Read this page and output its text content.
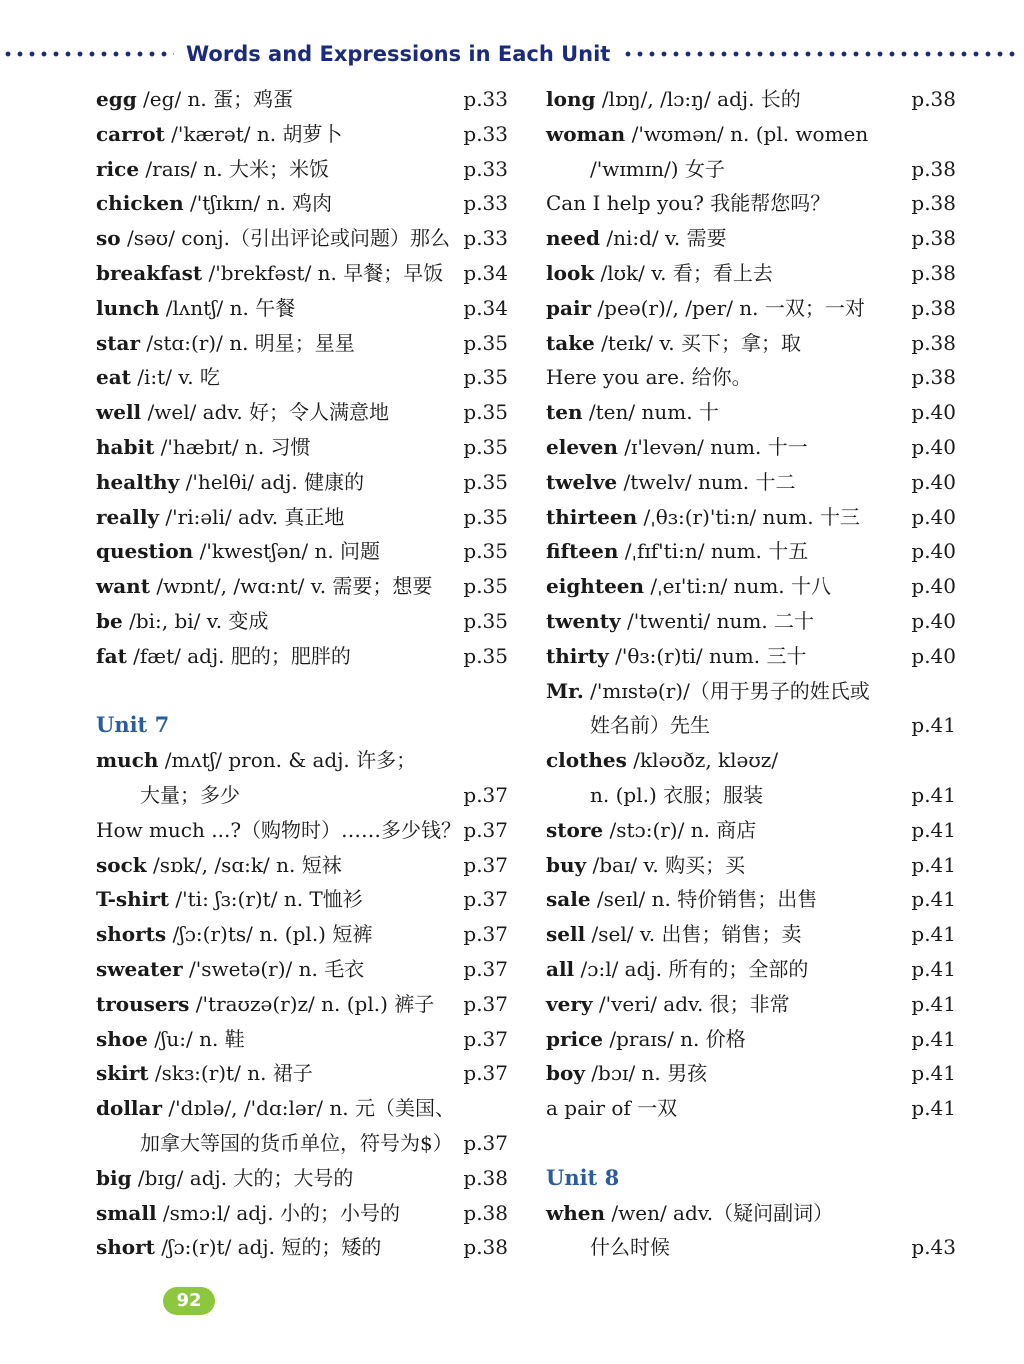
Words and Expressions in Each Unit
egg /eg/ n. 蛋；鸡蛋	p.33
carrot /'kærət/ n. 胡萝卜	p.33
rice /raɪs/ n. 大米；米饭	p.33
chicken /'tʃɪkɪn/ n. 鸡肉	p.33
so /səʊ/ conj.（引出评论或问题）那么 p.33
breakfast /'brekfəst/ n. 早餐；早饭 p.34
lunch /lʌntʃ/ n. 午餐	p.34
star /stɑ:(r)/ n. 明星；星星	p.35
eat /i:t/ v. 吃	p.35
well /wel/ adv. 好；令人满意地	p.35
habit /'hæbɪt/ n. 习惯	p.35
healthy /'helθi/ adj. 健康的	p.35
really /'ri:əli/ adv. 真正地	p.35
question /'kwestʃən/ n. 问题	p.35
want /wɒnt/, /wɑ:nt/ v. 需要；想要 p.35
be /bi:, bi/ v. 变成	p.35
fat /fæt/ adj. 肥的；肥胖的	p.35
Unit 7
much /mʌtʃ/ pron. & adj. 许多；
大量；多少	p.37
How much ...?（购物时）……多少钱？ p.37
sock /sɒk/, /sɑ:k/ n. 短袜	p.37
T-shirt /'ti: ʃɜ:(r)t/ n. T恤衫	p.37
shorts /ʃɔ:(r)ts/ n. (pl.) 短裤	p.37
sweater /'swetə(r)/ n. 毛衣	p.37
trousers /'traʊzə(r)z/ n. (pl.) 裤子 p.37
shoe /ʃu:/ n. 鞋	p.37
skirt /skɜ:(r)t/ n. 裙子	p.37
dollar /'dɒlə/, /'dɑ:lər/ n. 元（美国、
加拿大等国的货币单位，符号为$） p.37
big /bɪg/ adj. 大的；大号的	p.38
small /smɔ:l/ adj. 小的；小号的	p.38
short /ʃɔ:(r)t/ adj. 短的；矮的	p.38
long /lɒŋ/, /lɔ:ŋ/ adj. 长的	p.38
woman /'wʊmən/ n. (pl. women
/'wɪmɪn/) 女子	p.38
Can I help you? 我能帮您吗？	p.38
need /ni:d/ v. 需要	p.38
look /lʊk/ v. 看；看上去	p.38
pair /peə(r)/, /per/ n. 一双；一对 p.38
take /teɪk/ v. 买下；拿；取	p.38
Here you are. 给你。	p.38
ten /ten/ num. 十	p.40
eleven /ɪ'levən/ num. 十一	p.40
twelve /twelv/ num. 十二	p.40
thirteen /ˌθɜ:(r)'ti:n/ num. 十三	p.40
fifteen /ˌfɪf'ti:n/ num. 十五	p.40
eighteen /ˌeɪ'ti:n/ num. 十八	p.40
twenty /'twenti/ num. 二十	p.40
thirty /'θɜ:(r)ti/ num. 三十	p.40
Mr. /'mɪstə(r)/（用于男子的姓氏或
姓名前）先生	p.41
clothes /kləʊðz, kləʊz/
n. (pl.) 衣服；服装	p.41
store /stɔ:(r)/ n. 商店	p.41
buy /baɪ/ v. 购买；买	p.41
sale /seɪl/ n. 特价销售；出售	p.41
sell /sel/ v. 出售；销售；卖	p.41
all /ɔ:l/ adj. 所有的；全部的	p.41
very /'veri/ adv. 很；非常	p.41
price /praɪs/ n. 价格	p.41
boy /bɔɪ/ n. 男孩	p.41
a pair of 一双	p.41
Unit 8
when /wen/ adv.（疑问副词）
什么时候	p.43
92
